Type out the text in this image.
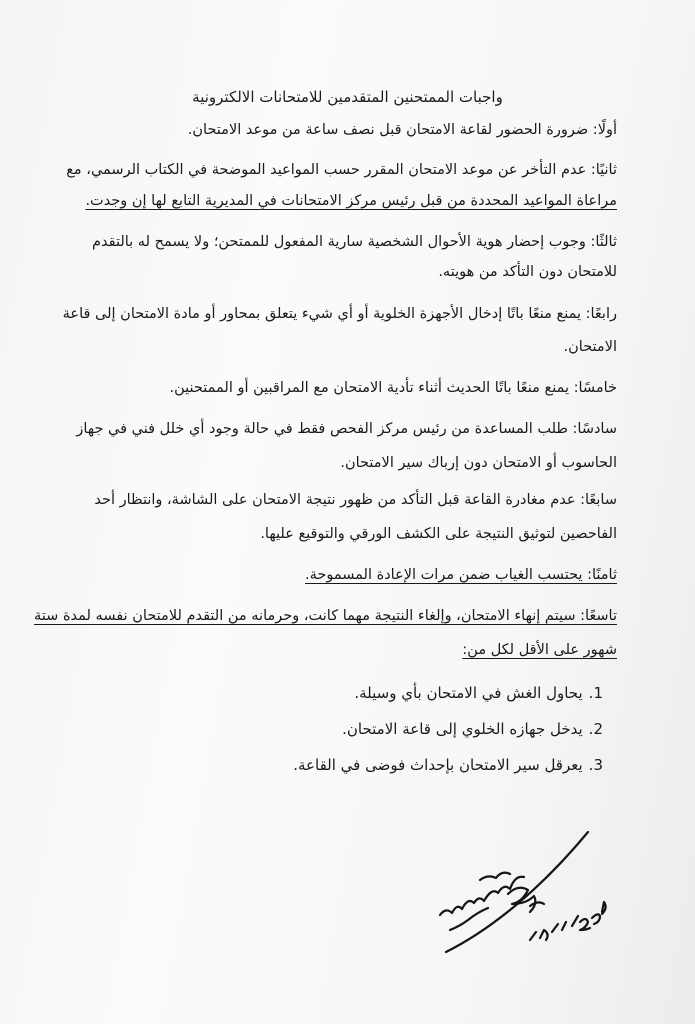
واجبات الممتحنين المتقدمين للامتحانات الالكترونية
أولًا: ضرورة الحضور لقاعة الامتحان قبل نصف ساعة من موعد الامتحان.
ثانيًا: عدم التأخر عن موعد الامتحان المقرر حسب المواعيد الموضحة في الكتاب الرسمي، مع
مراعاة المواعيد المحددة من قبل رئيس مركز الامتحانات في المديرية التابع لها إن وجدت.
ثالثًا: وجوب إحضار هوية الأحوال الشخصية سارية المفعول للممتحن؛ ولا يسمح له بالتقدم
للامتحان دون التأكد من هويته.
رابعًا: يمنع منعًا باتًا إدخال الأجهزة الخلوية أو أي شيء يتعلق بمحاور أو مادة الامتحان إلى قاعة
الامتحان.
خامسًا: يمنع منعًا باتًا الحديث أثناء تأدية الامتحان مع المراقبين أو الممتحنين.
سادسًا: طلب المساعدة من رئيس مركز الفحص فقط في حالة وجود أي خلل فني في جهاز
الحاسوب أو الامتحان دون إرباك سير الامتحان.
سابعًا: عدم مغادرة القاعة قبل التأكد من ظهور نتيجة الامتحان على الشاشة، وانتظار أحد
الفاحصين لتوثيق النتيجة على الكشف الورقي والتوقيع عليها.
ثامنًا: يحتسب الغياب ضمن مرات الإعادة المسموحة.
تاسعًا: سيتم إنهاء الامتحان، وإلغاء النتيجة مهما كانت، وحرمانه من التقدم للامتحان نفسه لمدة ستة
شهور على الأقل لكل من:
1.يحاول الغش في الامتحان بأي وسيلة.
2.يدخل جهازه الخلوي إلى قاعة الامتحان.
3.يعرقل سير الامتحان بإحداث فوضى في القاعة.
